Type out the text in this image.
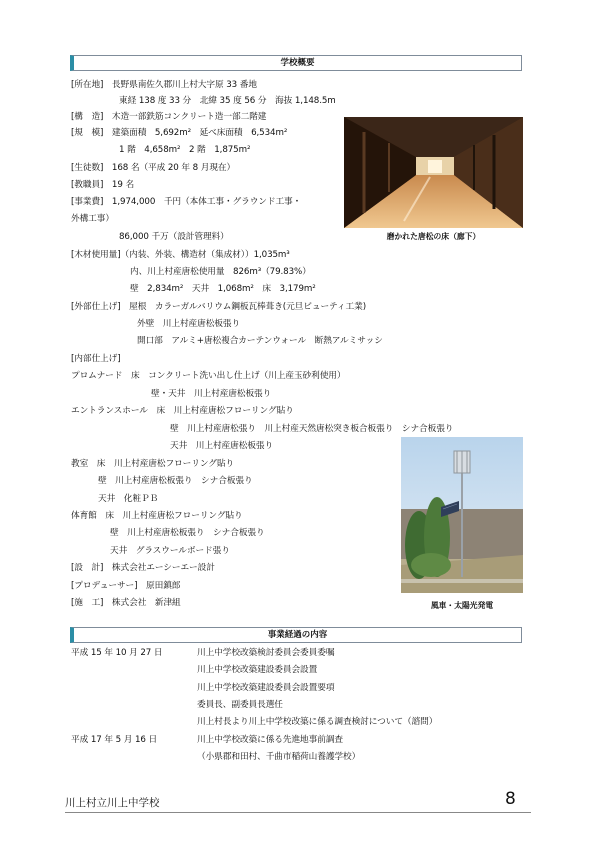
学校概要
[所在地]　長野県南佐久郡川上村大字原 33 番地
東経 138 度 33 分　北緯 35 度 56 分　海抜 1,148.5m
[構　造]　木造一部鉄筋コンクリート造一部二階建
[規　模]　建築面積　5,692m²　延べ床面積　6,534m²
1 階　4,658m²　2 階　1,875m²
[生徒数]　168 名（平成 20 年 8 月現在）
[教職員]　19 名
[事業費]　1,974,000　千円（本体工事・グラウンド工事・
外構工事）
86,000 千万（設計管理料）
[木材使用量]（内装、外装、構造材（集成材））1,035m³
内、川上村産唐松使用量　826m³（79.83%）
壁　2,834m²　天井　1,068m²　床　3,179m²
[外部仕上げ]　屋根　カラーガルバリウム鋼板瓦棒葺き(元旦ビューティ工業)
外壁　川上村産唐松板張り
開口部　アルミ+唐松複合カーテンウォール　断熱アルミサッシ
[内部仕上げ]
プロムナード　床　コンクリート洗い出し仕上げ（川上産玉砂利使用）
壁・天井　川上村産唐松板張り
エントランスホール　床　川上村産唐松フローリング貼り
壁　川上村産唐松張り　川上村産天然唐松突き板合板張り　シナ合板張り
天井　川上村産唐松板張り
教室　床　川上村産唐松フローリング貼り
壁　川上村産唐松板張り　シナ合板張り
天井　化粧ＰＢ
体育館　床　川上村産唐松フローリング貼り
壁　川上村産唐松板張り　シナ合板張り
天井　グラスウールボード張り
[設　計]　株式会社エーシーエー設計
[プロデューサー]　原田鎮郎
[施　工]　株式会社　新津組
磨かれた唐松の床（廊下）
風車・太陽光発電
事業経過の内容
平成 15 年 10 月 27 日	川上中学校改築検討委員会委員委嘱
川上中学校改築建設委員会設置
川上中学校改築建設委員会設置要項
委員長、副委員長選任
川上村長より川上中学校改築に係る調査検討について（諮問）
平成 17 年 5 月 16 日	川上中学校改築に係る先進地事前調査
（小県郡和田村、千曲市稲荷山養護学校）
川上村立川上中学校	8
